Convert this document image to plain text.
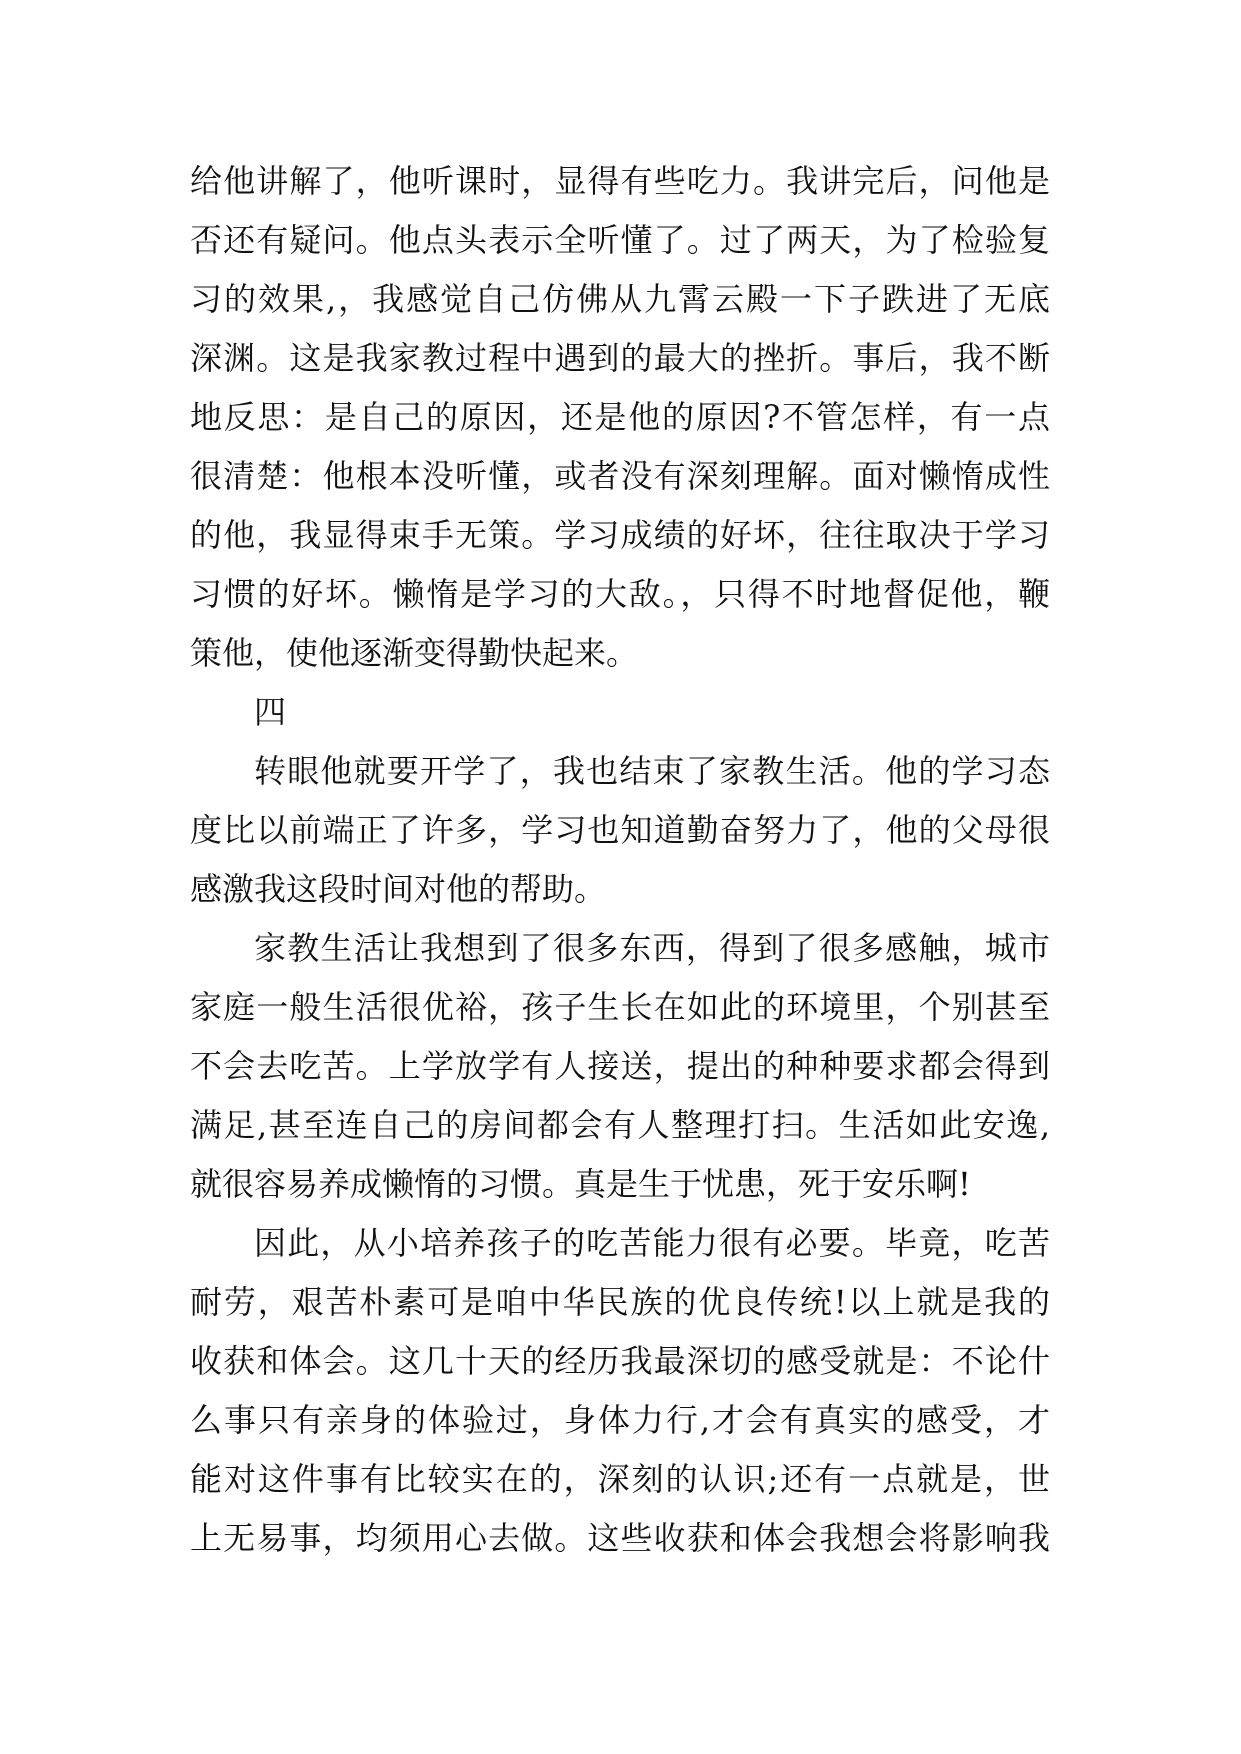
给他讲解了，他听课时，显得有些吃力。我讲完后，问他是
否还有疑问。他点头表示全听懂了。过了两天，为了检验复
习的效果,，我感觉自己仿佛从九霄云殿一下子跌进了无底
深渊。这是我家教过程中遇到的最大的挫折。事后，我不断
地反思：是自己的原因，还是他的原因?不管怎样，有一点
很清楚：他根本没听懂，或者没有深刻理解。面对懒惰成性
的他，我显得束手无策。学习成绩的好坏，往往取决于学习
习惯的好坏。懒惰是学习的大敌。，只得不时地督促他，鞭
策他，使他逐渐变得勤快起来。
四
转眼他就要开学了，我也结束了家教生活。他的学习态
度比以前端正了许多，学习也知道勤奋努力了，他的父母很
感激我这段时间对他的帮助。
家教生活让我想到了很多东西，得到了很多感触，城市
家庭一般生活很优裕，孩子生长在如此的环境里，个别甚至
不会去吃苦。上学放学有人接送，提出的种种要求都会得到
满足,甚至连自己的房间都会有人整理打扫。生活如此安逸,
就很容易养成懒惰的习惯。真是生于忧患，死于安乐啊!
因此，从小培养孩子的吃苦能力很有必要。毕竟，吃苦
耐劳，艰苦朴素可是咱中华民族的优良传统!以上就是我的
收获和体会。这几十天的经历我最深切的感受就是：不论什
么事只有亲身的体验过，身体力行,才会有真实的感受，才
能对这件事有比较实在的，深刻的认识;还有一点就是，世
上无易事，均须用心去做。这些收获和体会我想会将影响我
